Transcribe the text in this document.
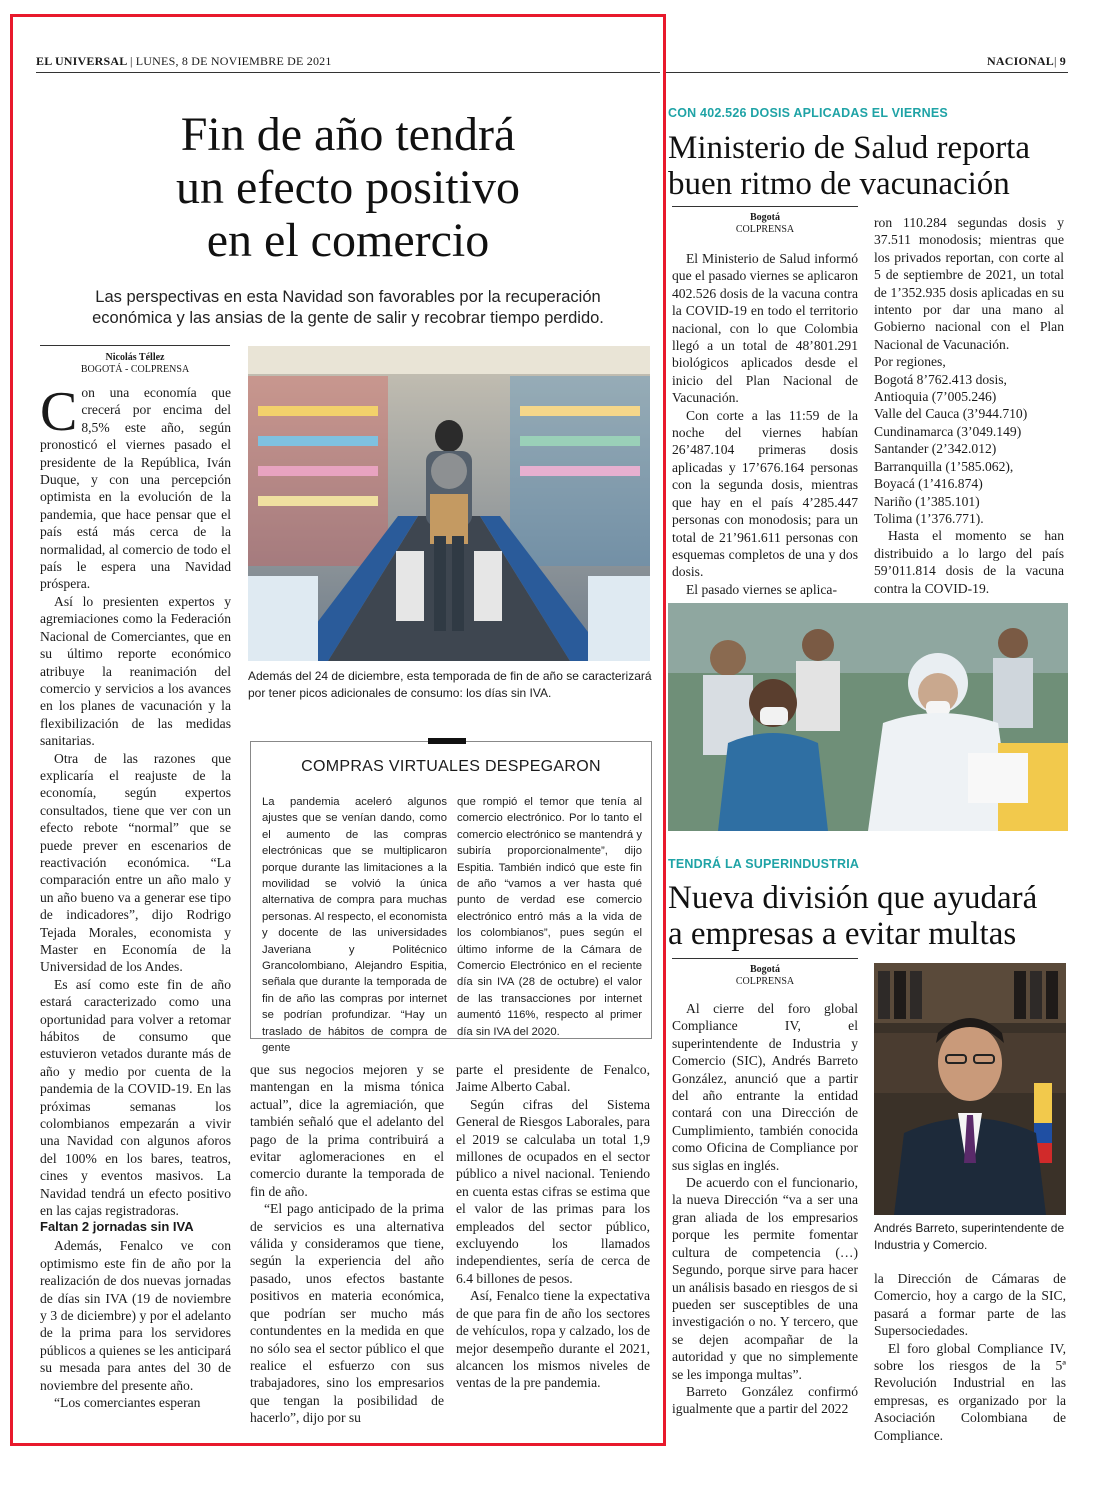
EL UNIVERSAL | LUNES, 8 DE NOVIEMBRE DE 2021	NACIONAL| 9
Fin de año tendrá
un efecto positivo
en el comercio
Las perspectivas en esta Navidad son favorables por la recuperación
económica y las ansias de la gente de salir y recobrar tiempo perdido.
Nicolás Téllez
BOGOTÁ - COLPRENSA

Con una economía que crecerá por encima del 8,5% este año, según pronosticó el viernes pasado el presidente de la República, Iván Duque, y con una percepción optimista en la evolución de la pandemia, que hace pensar que el país está más cerca de la normalidad, al comercio de todo el país le espera una Navidad próspera.

Así lo presienten expertos y agremiaciones como la Federación Nacional de Comerciantes, que en su último reporte económico atribuye la reanimación del comercio y servicios a los avances en los planes de vacunación y la flexibilización de las medidas sanitarias.

Otra de las razones que explicaría el reajuste de la economía, según expertos consultados, tiene que ver con un efecto rebote “normal” que se puede prever en escenarios de reactivación económica. “La comparación entre un año malo y un año bueno va a generar ese tipo de indicadores”, dijo Rodrigo Tejada Morales, economista y Master en Economía de la Universidad de los Andes.

Es así como este fin de año estará caracterizado como una oportunidad para volver a retomar hábitos de consumo que estuvieron vetados durante más de año y medio por cuenta de la pandemia de la COVID-19. En las próximas semanas los colombianos empezarán a vivir una Navidad con algunos aforos del 100% en los bares, teatros, cines y eventos masivos. La Navidad tendrá un efecto positivo en las cajas registradoras.

Faltan 2 jornadas sin IVA

Además, Fenalco ve con optimismo este fin de año por la realización de dos nuevas jornadas de días sin IVA (19 de noviembre y 3 de diciembre) y por el adelanto de la prima para los servidores públicos a quienes se les anticipará su mesada para antes del 30 de noviembre del presente año.

“Los comerciantes esperan

Además del 24 de diciembre, esta temporada de fin de año se caracterizará por tener picos adicionales de consumo: los días sin IVA.
COMPRAS VIRTUALES DESPEGARON
La pandemia aceleró algunos ajustes que se venían dando, como el aumento de las compras electrónicas que se multiplicaron porque durante las limitaciones a la movilidad se volvió la única alternativa de compra para muchas personas. Al respecto, el economista y docente de las universidades Javeriana y Politécnico Grancolombiano, Alejandro Espitia, señala que durante la temporada de fin de año las compras por internet se podrían profundizar. “Hay un traslado de hábitos de compra de gente
que rompió el temor que tenía al comercio electrónico. Por lo tanto el comercio electrónico se mantendrá y subiría proporcionalmente”, dijo Espitia. También indicó que este fin de año “vamos a ver hasta qué punto de verdad ese comercio electrónico entró más a la vida de los colombianos”, pues según el último informe de la Cámara de Comercio Electrónico en el reciente día sin IVA (28 de octubre) el valor de las transacciones por internet aumentó 116%, respecto al primer día sin IVA del 2020.

que sus negocios mejoren y se mantengan en la misma tónica actual”, dice la agremiación, que también señaló que el adelanto del pago de la prima contribuirá a evitar aglomeraciones en el comercio durante la temporada de fin de año.

“El pago anticipado de la prima de servicios es una alternativa válida y consideramos que tiene, según la experiencia del año pasado, unos efectos bastante positivos en materia económica, que podrían ser mucho más contundentes en la medida en que no sólo sea el sector público el que realice el esfuerzo con sus trabajadores, sino los empresarios que tengan la posibilidad de hacerlo”, dijo por su

parte el presidente de Fenalco, Jaime Alberto Cabal.

Según cifras del Sistema General de Riesgos Laborales, para el 2019 se calculaba un total 1,9 millones de ocupados en el sector público a nivel nacional. Teniendo en cuenta estas cifras se estima que el valor de las primas para los empleados del sector público, excluyendo los llamados independientes, sería de cerca de 6.4 billones de pesos.

Así, Fenalco tiene la expectativa de que para fin de año los sectores de vehículos, ropa y calzado, los de mejor desempeño durante el 2021, alcancen los mismos niveles de ventas de la pre pandemia.

CON 402.526 DOSIS APLICADAS EL VIERNES
Ministerio de Salud reporta
buen ritmo de vacunación
Bogotá
COLPRENSA

El Ministerio de Salud informó que el pasado viernes se aplicaron 402.526 dosis de la vacuna contra la COVID-19 en todo el territorio nacional, con lo que Colombia llegó a un total de 48’801.291 biológicos aplicados desde el inicio del Plan Nacional de Vacunación.

Con corte a las 11:59 de la noche del viernes habían 26’487.104 primeras dosis aplicadas y 17’676.164 personas con la segunda dosis, mientras que hay en el país 4’285.447 personas con monodosis; para un total de 21’961.611 personas con esquemas completos de una y dos dosis.

El pasado viernes se aplica-

ron 110.284 segundas dosis y 37.511 monodosis; mientras que los privados reportan, con corte al 5 de septiembre de 2021, un total de 1’352.935 dosis aplicadas en su intento por dar una mano al Gobierno nacional con el Plan Nacional de Vacunación.

Por regiones,
Bogotá 8’762.413 dosis,
Antioquia (7’005.246)
Valle del Cauca (3’944.710)
Cundinamarca (3’049.149)
Santander (2’342.012)
Barranquilla (1’585.062),
Boyacá (1’416.874)
Nariño (1’385.101)
Tolima (1’376.771).

Hasta el momento se han distribuido a lo largo del país 59’011.814 dosis de la vacuna contra la COVID-19.

TENDRÁ LA SUPERINDUSTRIA
Nueva división que ayudará
a empresas a evitar multas
Bogotá
COLPRENSA

Al cierre del foro global Compliance IV, el superintendente de Industria y Comercio (SIC), Andrés Barreto González, anunció que a partir del año entrante la entidad contará con una Dirección de Cumplimiento, también conocida como Oficina de Compliance por sus siglas en inglés.

De acuerdo con el funcionario, la nueva Dirección “va a ser una gran aliada de los empresarios porque les permite fomentar cultura de competencia (…) Segundo, porque sirve para hacer un análisis basado en riesgos de si pueden ser susceptibles de una investigación o no. Y tercero, que se dejen acompañar de la autoridad y que no simplemente se les imponga multas”.

Barreto González confirmó igualmente que a partir del 2022

Andrés Barreto, superintendente de Industria y Comercio.

la Dirección de Cámaras de Comercio, hoy a cargo de la SIC, pasará a formar parte de las Supersociedades.

El foro global Compliance IV, sobre los riesgos de la 5ª Revolución Industrial en las empresas, es organizado por la Asociación Colombiana de Compliance.
